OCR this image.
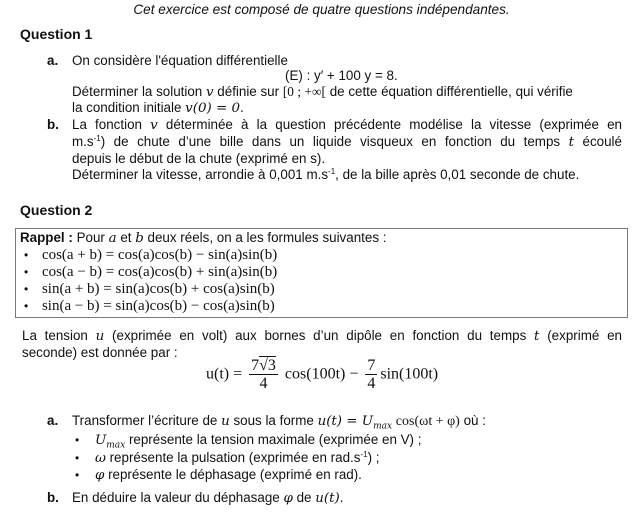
Cet exercice est composé de quatre questions indépendantes.
Question 1
a. On considère l'équation différentielle
(E) : y′ + 100 y = 8.
Déterminer la solution v définie sur [0 ; +∞[ de cette équation différentielle, qui vérifie
la condition initiale v(0) = 0.
b. La fonction v déterminée à la question précédente modélise la vitesse (exprimée en
$m.s^{-1}$) de chute d’une bille dans un liquide visqueux en fonction du temps t écoulé
depuis le début de la chute (exprimé en s).
Déterminer la vitesse, arrondie à 0,001 $m.s^{-1}$, de la bille après 0,01 seconde de chute.
Question 2
Rappel : Pour a et b deux réels, on a les formules suivantes :
• cos(a + b) = cos(a)cos(b) − sin(a)sin(b)
• cos(a − b) = cos(a)cos(b) + sin(a)sin(b)
• sin(a + b) = sin(a)cos(b) + cos(a)sin(b)
• sin(a − b) = sin(a)cos(b) − cos(a)sin(b)
La tension u (exprimée en volt) aux bornes d’un dipôle en fonction du temps t (exprimé en
seconde) est donnée par :
$u(t) = \frac{7√3}{4} \cos(100t) - \frac{7}{4} \sin(100t)$
a. Transformer l’écriture de u sous la forme $u(t) = U_{max}$ cos(ωt + φ) où :
• $U_{max}$ représente la tension maximale (exprimée en V) ;
• ω représente la pulsation (exprimée en $rad.s^{-1}$) ;
• φ représente le déphasage (exprimé en rad).
b. En déduire la valeur du déphasage φ de u(t).
